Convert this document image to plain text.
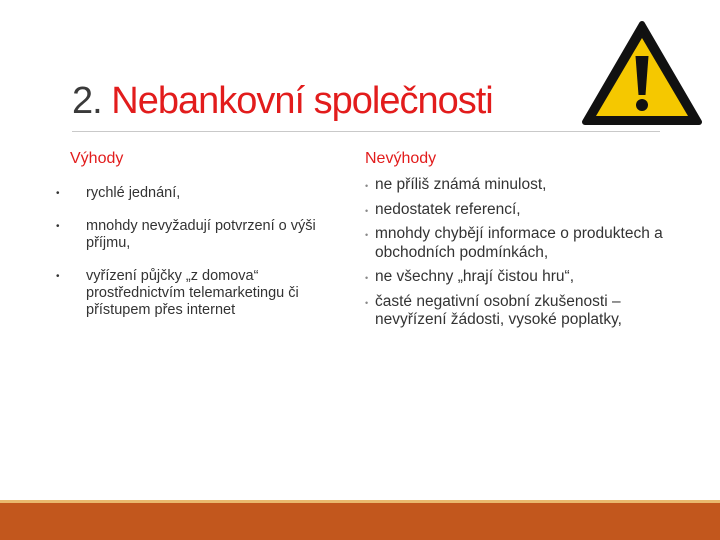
2. Nebankovní společnosti
Výhody
• rychlé jednání,
• mnohdy nevyžadují potvrzení o výši příjmu,
• vyřízení půjčky „z domova“ prostřednictvím telemarketingu či přístupem přes internet
Nevýhody
• ne příliš známá minulost,
• nedostatek referencí,
• mnohdy chybějí informace o produktech a obchodních podmínkách,
• ne všechny „hrají čistou hru“,
• časté negativní osobní zkušenosti – nevyřízení žádosti, vysoké poplatky,
